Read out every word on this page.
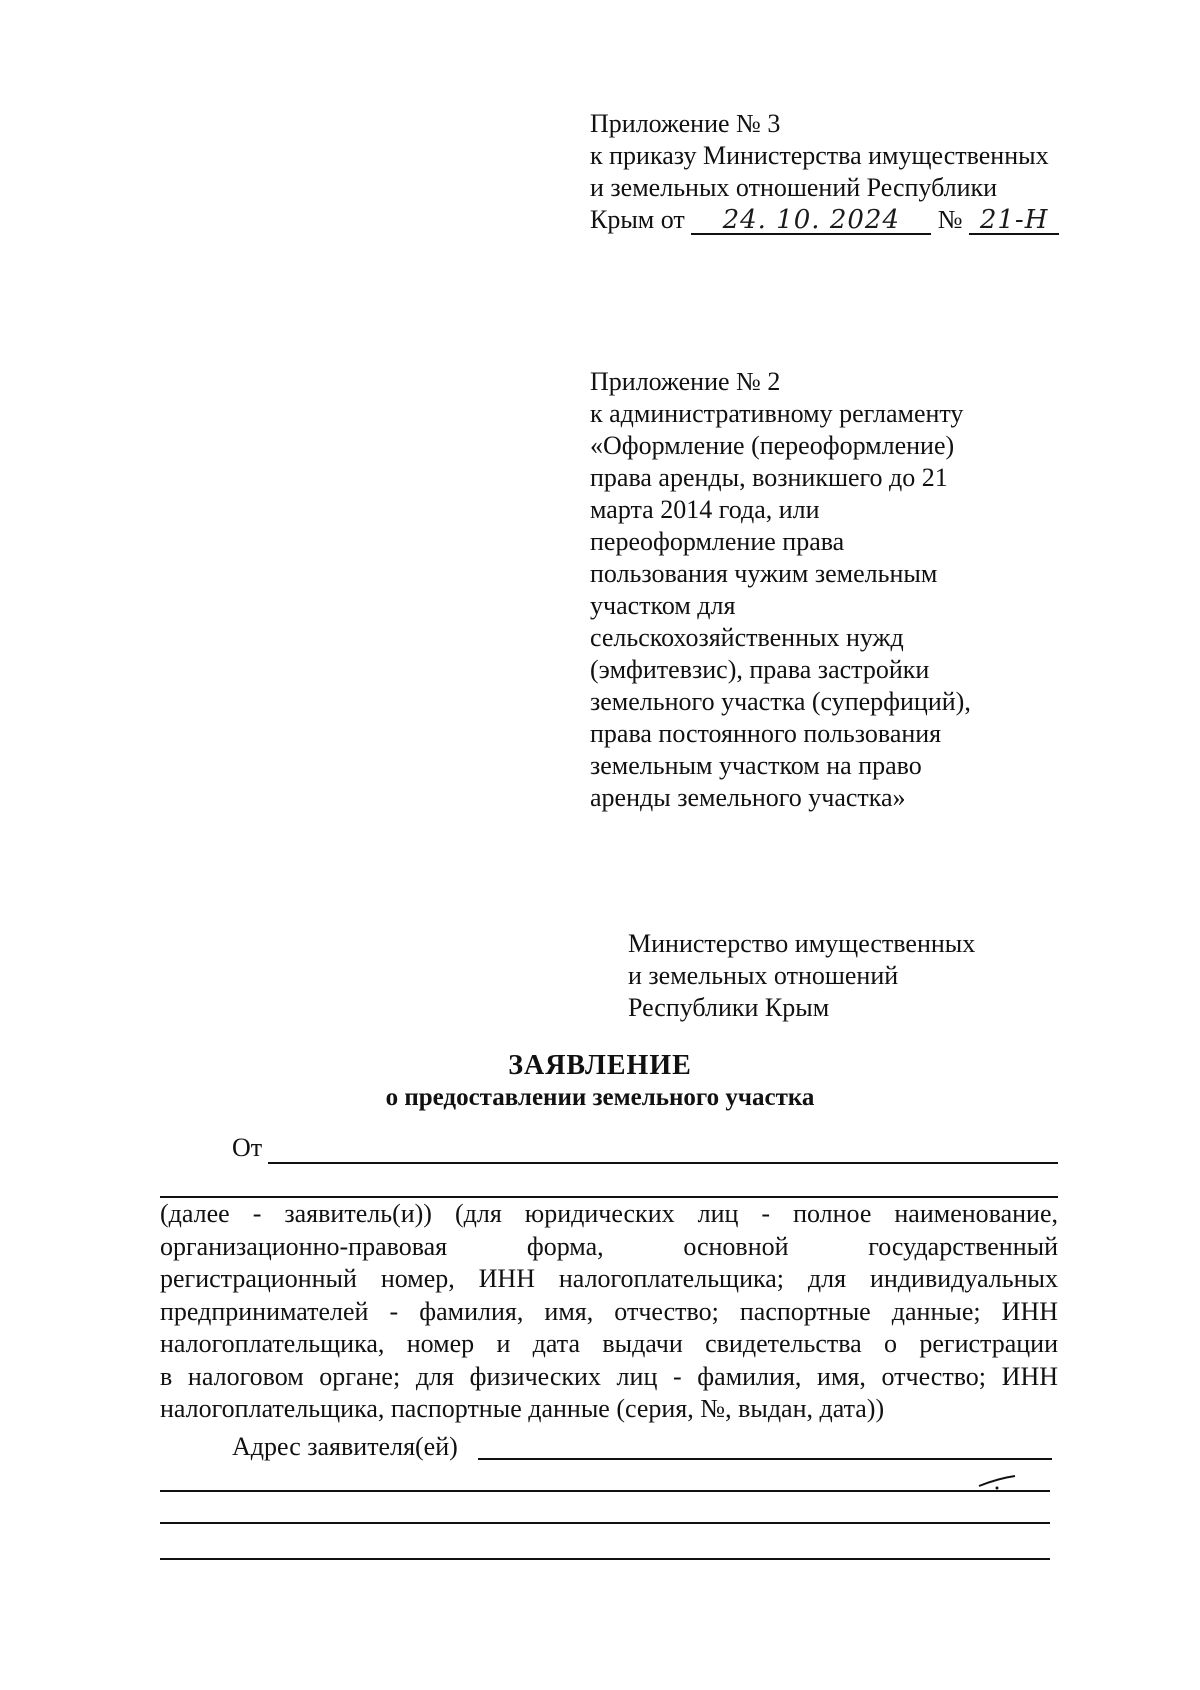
Приложение № 3
к приказу Министерства имущественных
и земельных отношений Республики
Крым от 24. 10. 2024 № 21-Н
Приложение № 2
к административному регламенту
«Оформление (переоформление)
права аренды, возникшего до 21
марта 2014 года, или
переоформление права
пользования чужим земельным
участком для
сельскохозяйственных нужд
(эмфитевзис), права застройки
земельного участка (суперфиций),
права постоянного пользования
земельным участком на право
аренды земельного участка»
Министерство имущественных
и земельных отношений
Республики Крым
ЗАЯВЛЕНИЕ
о предоставлении земельного участка
От
(далее - заявитель(и)) (для юридических лиц - полное наименование,
организационно-правовая форма, основной государственный
регистрационный номер, ИНН налогоплательщика; для индивидуальных
предпринимателей - фамилия, имя, отчество; паспортные данные; ИНН
налогоплательщика, номер и дата выдачи свидетельства о регистрации
в налоговом органе; для физических лиц - фамилия, имя, отчество; ИНН
налогоплательщика, паспортные данные (серия, №, выдан, дата))
Адрес заявителя(ей)
